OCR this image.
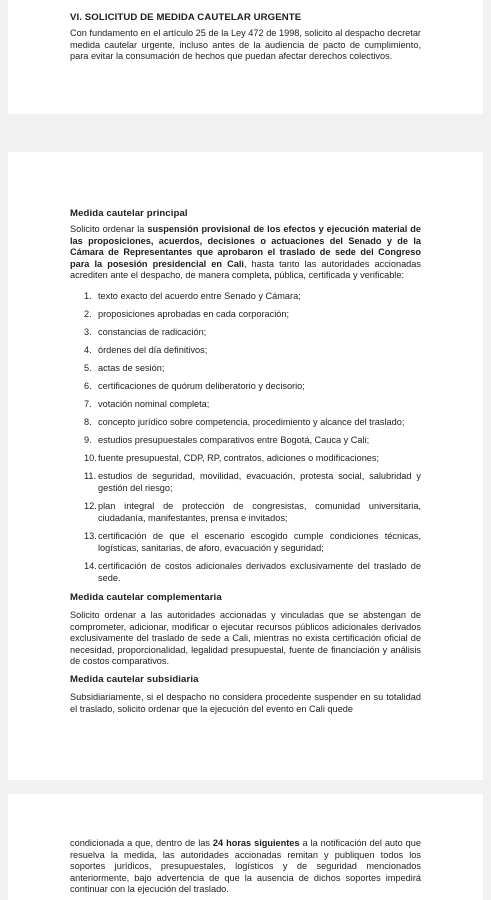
VI. SOLICITUD DE MEDIDA CAUTELAR URGENTE

Con fundamento en el artículo 25 de la Ley 472 de 1998, solicito al despacho decretar medida cautelar urgente, incluso antes de la audiencia de pacto de cumplimiento, para evitar la consumación de hechos que puedan afectar derechos colectivos.

Medida cautelar principal

Solicito ordenar la suspensión provisional de los efectos y ejecución material de las proposiciones, acuerdos, decisiones o actuaciones del Senado y de la Cámara de Representantes que aprobaron el traslado de sede del Congreso para la posesión presidencial en Cali, hasta tanto las autoridades accionadas acrediten ante el despacho, de manera completa, pública, certificada y verificable:

1. texto exacto del acuerdo entre Senado y Cámara;
2. proposiciones aprobadas en cada corporación;
3. constancias de radicación;
4. órdenes del día definitivos;
5. actas de sesión;
6. certificaciones de quórum deliberatorio y decisorio;
7. votación nominal completa;
8. concepto jurídico sobre competencia, procedimiento y alcance del traslado;
9. estudios presupuestales comparativos entre Bogotá, Cauca y Cali;
10. fuente presupuestal, CDP, RP, contratos, adiciones o modificaciones;
11. estudios de seguridad, movilidad, evacuación, protesta social, salubridad y gestión del riesgo;
12. plan integral de protección de congresistas, comunidad universitaria, ciudadanía, manifestantes, prensa e invitados;
13. certificación de que el escenario escogido cumple condiciones técnicas, logísticas, sanitarias, de aforo, evacuación y seguridad;
14. certificación de costos adicionales derivados exclusivamente del traslado de sede.

Medida cautelar complementaria

Solicito ordenar a las autoridades accionadas y vinculadas que se abstengan de comprometer, adicionar, modificar o ejecutar recursos públicos adicionales derivados exclusivamente del traslado de sede a Cali, mientras no exista certificación oficial de necesidad, proporcionalidad, legalidad presupuestal, fuente de financiación y análisis de costos comparativos.

Medida cautelar subsidiaria

Subsidiariamente, si el despacho no considera procedente suspender en su totalidad el traslado, solicito ordenar que la ejecución del evento en Cali quede

condicionada a que, dentro de las 24 horas siguientes a la notificación del auto que resuelva la medida, las autoridades accionadas remitan y publiquen todos los soportes jurídicos, presupuestales, logísticos y de seguridad mencionados anteriormente, bajo advertencia de que la ausencia de dichos soportes impedirá continuar con la ejecución del traslado.
